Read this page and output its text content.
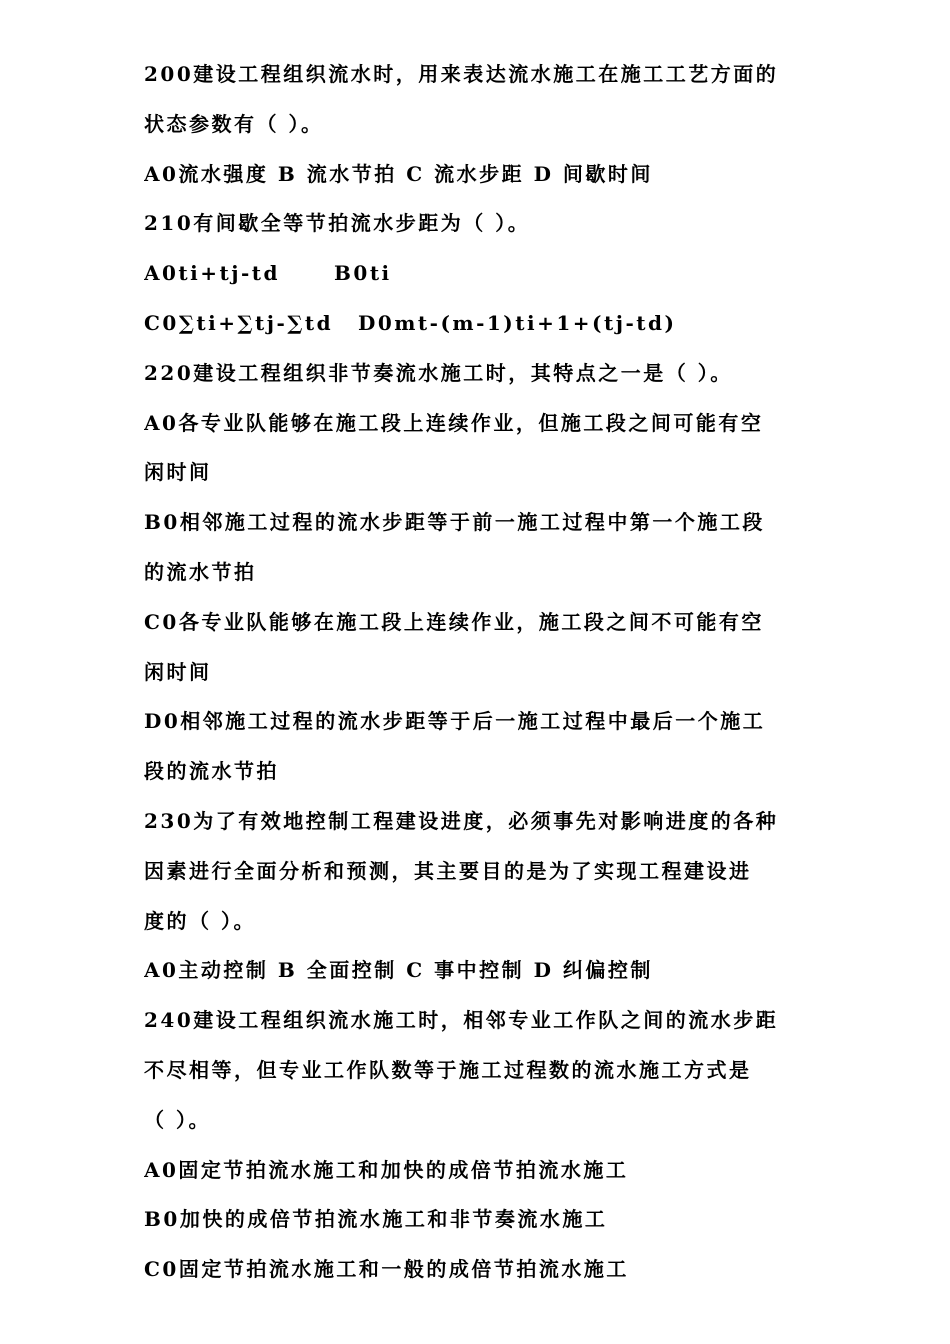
200建设工程组织流水时，用来表达流水施工在施工工艺方面的
状态参数有（ ）。
A0流水强度 B 流水节拍 C 流水步距 D 间歇时间
210有间歇全等节拍流水步距为（ ）。
A0ti+tj-td	B0ti
C0∑ti+∑tj-∑td D0mt-(m-1)ti+1+(tj-td)
220建设工程组织非节奏流水施工时，其特点之一是（ ）。
A0各专业队能够在施工段上连续作业，但施工段之间可能有空
闲时间
B0相邻施工过程的流水步距等于前一施工过程中第一个施工段
的流水节拍
C0各专业队能够在施工段上连续作业，施工段之间不可能有空
闲时间
D0相邻施工过程的流水步距等于后一施工过程中最后一个施工
段的流水节拍
230为了有效地控制工程建设进度，必须事先对影响进度的各种
因素进行全面分析和预测，其主要目的是为了实现工程建设进
度的（ ）。
A0主动控制 B 全面控制 C 事中控制 D 纠偏控制
240建设工程组织流水施工时，相邻专业工作队之间的流水步距
不尽相等，但专业工作队数等于施工过程数的流水施工方式是
（ ）。
A0固定节拍流水施工和加快的成倍节拍流水施工
B0加快的成倍节拍流水施工和非节奏流水施工
C0固定节拍流水施工和一般的成倍节拍流水施工
